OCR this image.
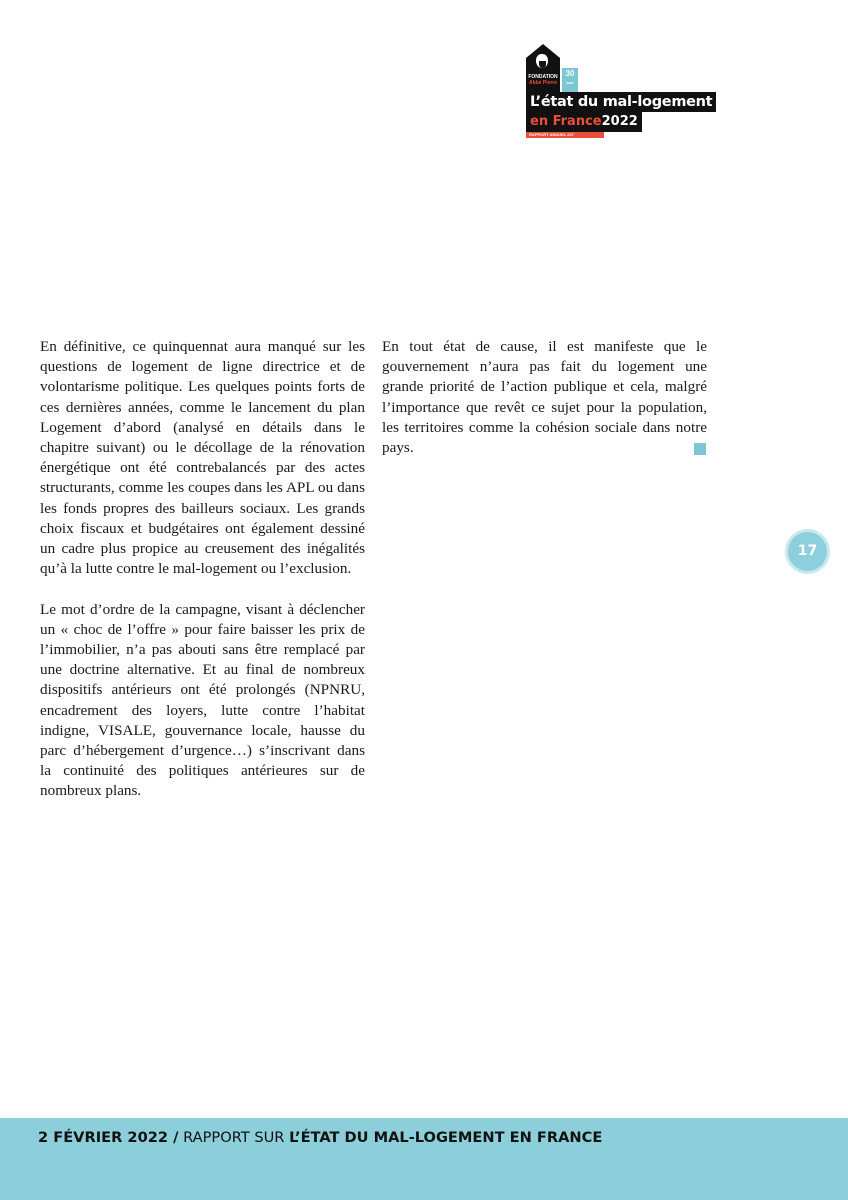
FONDATION
Abbé Pierre
30
ans
L’état du mal-logement
en France2022
RAPPORT ANNUEL #27

En définitive, ce quinquennat aura manqué sur les questions de logement de ligne directrice et de volontarisme politique. Les quelques points forts de ces dernières années, comme le lancement du plan Logement d’abord (analysé en détails dans le chapitre suivant) ou le décollage de la rénovation énergétique ont été contrebalancés par des actes structurants, comme les coupes dans les APL ou dans les fonds propres des bailleurs sociaux. Les grands choix fiscaux et budgétaires ont également dessiné un cadre plus propice au creusement des inégalités qu’à la lutte contre le mal-logement ou l’exclusion.

Le mot d’ordre de la campagne, visant à déclencher un « choc de l’offre » pour faire baisser les prix de l’immobilier, n’a pas abouti sans être remplacé par une doctrine alternative. Et au final de nombreux dispositifs antérieurs ont été prolongés (NPNRU, encadrement des loyers, lutte contre l’habitat indigne, VISALE, gouvernance locale, hausse du parc d’hébergement d’urgence…) s’inscrivant dans la continuité des politiques antérieures sur de nombreux plans.

En tout état de cause, il est manifeste que le gouvernement n’aura pas fait du logement une grande priorité de l’action publique et cela, malgré l’importance que revêt ce sujet pour la population, les territoires comme la cohésion sociale dans notre pays.

17
2 FÉVRIER 2022 / RAPPORT SUR L’ÉTAT DU MAL-LOGEMENT EN FRANCE
